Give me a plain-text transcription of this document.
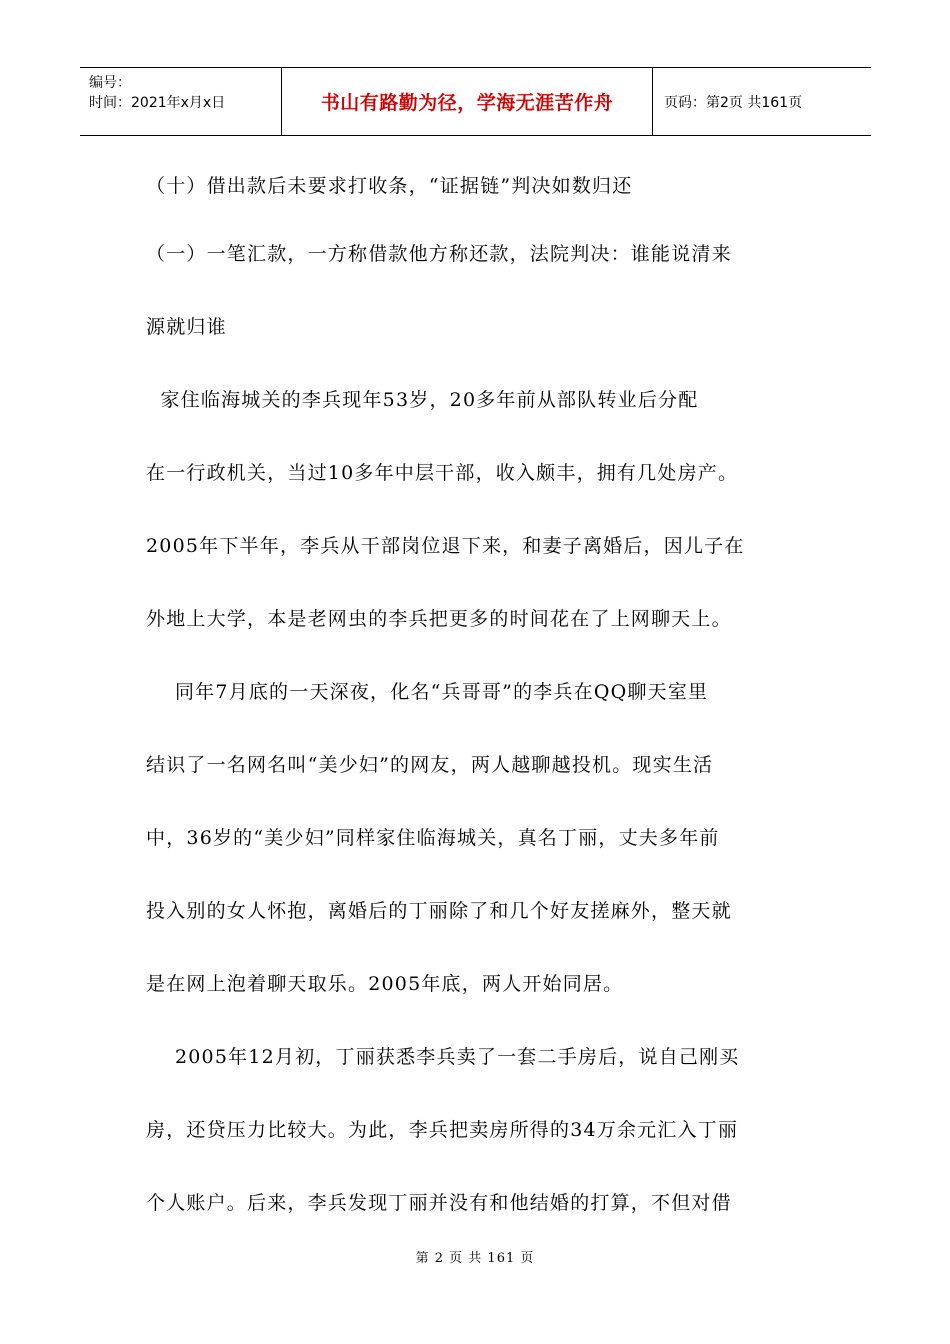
编号：
时间：2021年x月x日	书山有路勤为径，学海无涯苦作舟	页码：第2页 共161页
（十）借出款后未要求打收条，“证据链”判决如数归还
（一）一笔汇款，一方称借款他方称还款，法院判决：谁能说清来
源就归谁
家住临海城关的李兵现年53岁，20多年前从部队转业后分配
在一行政机关，当过10多年中层干部，收入颇丰，拥有几处房产。
2005年下半年，李兵从干部岗位退下来，和妻子离婚后，因儿子在
外地上大学，本是老网虫的李兵把更多的时间花在了上网聊天上。
同年7月底的一天深夜，化名“兵哥哥”的李兵在QQ聊天室里
结识了一名网名叫“美少妇”的网友，两人越聊越投机。现实生活
中，36岁的“美少妇”同样家住临海城关，真名丁丽，丈夫多年前
投入别的女人怀抱，离婚后的丁丽除了和几个好友搓麻外，整天就
是在网上泡着聊天取乐。2005年底，两人开始同居。
2005年12月初，丁丽获悉李兵卖了一套二手房后，说自己刚买
房，还贷压力比较大。为此，李兵把卖房所得的34万余元汇入丁丽
个人账户。后来，李兵发现丁丽并没有和他结婚的打算，不但对借
第 2 页 共 161 页
